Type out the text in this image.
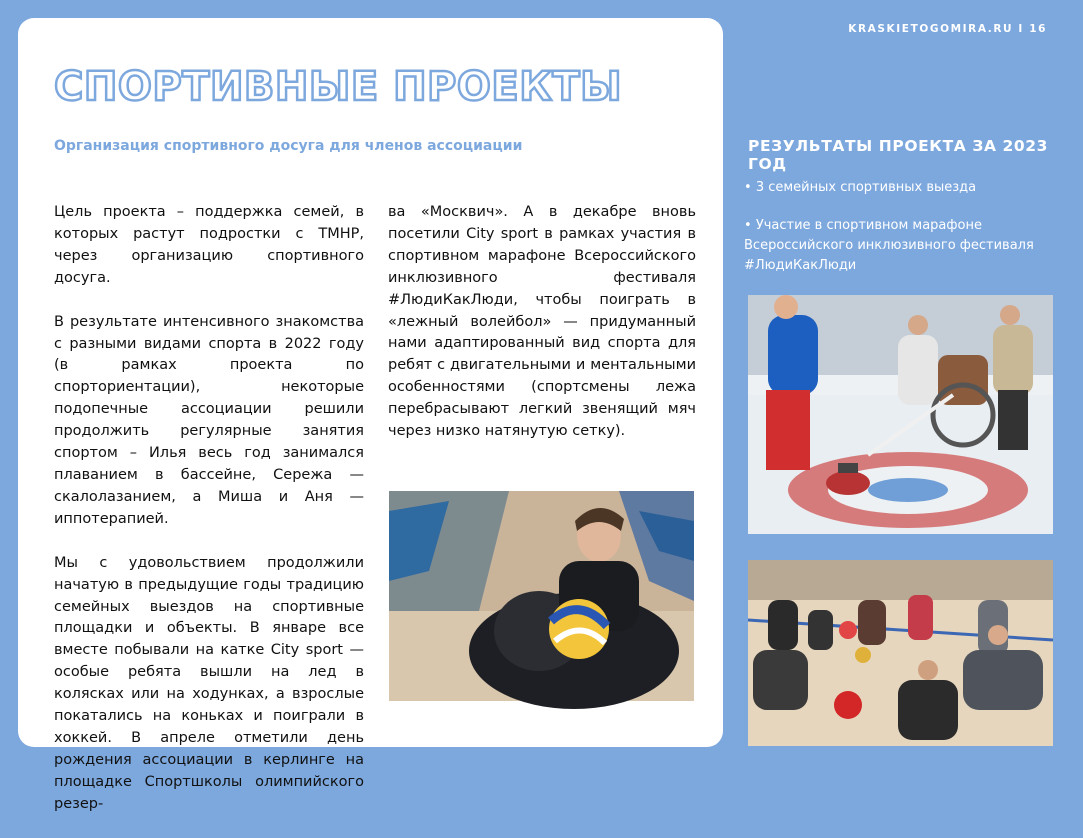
KRASKIETOGOMIRA.RU I 16
СПОРТИВНЫЕ ПРОЕКТЫ
Организация спортивного досуга для членов ассоциации

Цель проекта – поддержка семей, в которых растут подростки с ТМНР, через организацию спортивного досуга.

В результате интенсивного знакомства с разными видами спорта в 2022 году (в рамках проекта по спорториентации), некоторые подопечные ассоциации решили продолжить регулярные занятия спортом – Илья весь год занимался плаванием в бассейне, Сережа — скалолазанием, а Миша и Аня — иппотерапией.

Мы с удовольствием продолжили начатую в предыдущие годы традицию семейных выездов на спортивные площадки и объекты. В январе все вместе побывали на катке City sport — особые ребята вышли на лед в колясках или на ходунках, а взрослые покатались на коньках и поиграли в хоккей. В апреле отметили день рождения ассоциации в керлинге на площадке Спортшколы олимпийского резер-

ва «Москвич». А в декабре вновь посетили City sport в рамках участия в спортивном марафоне Всероссийского инклюзивного фестиваля #ЛюдиКакЛюди, чтобы поиграть в «лежный волейбол» — придуманный нами адаптированный вид спорта для ребят с двигательными и ментальными особенностями (спортсмены лежа перебрасывают легкий звенящий мяч через низко натянутую сетку).

РЕЗУЛЬТАТЫ ПРОЕКТА ЗА 2023 ГОД
• 3 семейных спортивных выезда
• Участие в спортивном марафоне Всероссийского инклюзивного фестиваля #ЛюдиКакЛюди
